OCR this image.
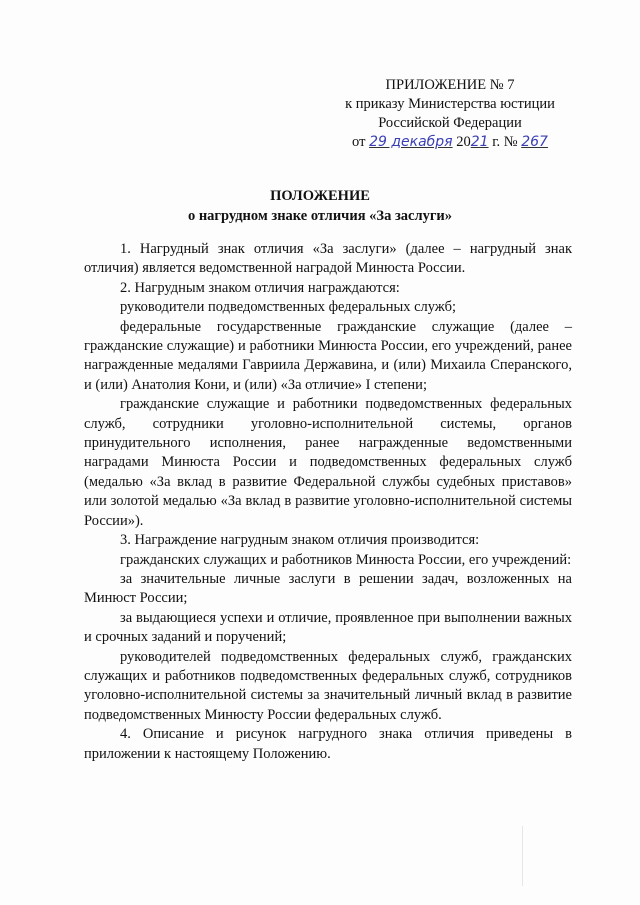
ПРИЛОЖЕНИЕ № 7
к приказу Министерства юстиции
Российской Федерации
от 29 декабря 2021 г. № 267
ПОЛОЖЕНИЕ
о нагрудном знаке отличия «За заслуги»

1. Нагрудный знак отличия «За заслуги» (далее – нагрудный знак отличия) является ведомственной наградой Минюста России.

2. Нагрудным знаком отличия награждаются:

руководители подведомственных федеральных служб;

федеральные государственные гражданские служащие (далее – гражданские служащие) и работники Минюста России, его учреждений, ранее награжденные медалями Гавриила Державина, и (или) Михаила Сперанского, и (или) Анатолия Кони, и (или) «За отличие» I степени;

гражданские служащие и работники подведомственных федеральных служб, сотрудники уголовно-исполнительной системы, органов принудительного исполнения, ранее награжденные ведомственными наградами Минюста России и подведомственных федеральных служб (медалью «За вклад в развитие Федеральной службы судебных приставов» или золотой медалью «За вклад в развитие уголовно-исполнительной системы России»).

3. Награждение нагрудным знаком отличия производится:

гражданских служащих и работников Минюста России, его учреждений:

за значительные личные заслуги в решении задач, возложенных на Минюст России;

за выдающиеся успехи и отличие, проявленное при выполнении важных и срочных заданий и поручений;

руководителей подведомственных федеральных служб, гражданских служащих и работников подведомственных федеральных служб, сотрудников уголовно-исполнительной системы за значительный личный вклад в развитие подведомственных Минюсту России федеральных служб.

4. Описание и рисунок нагрудного знака отличия приведены в приложении к настоящему Положению.
